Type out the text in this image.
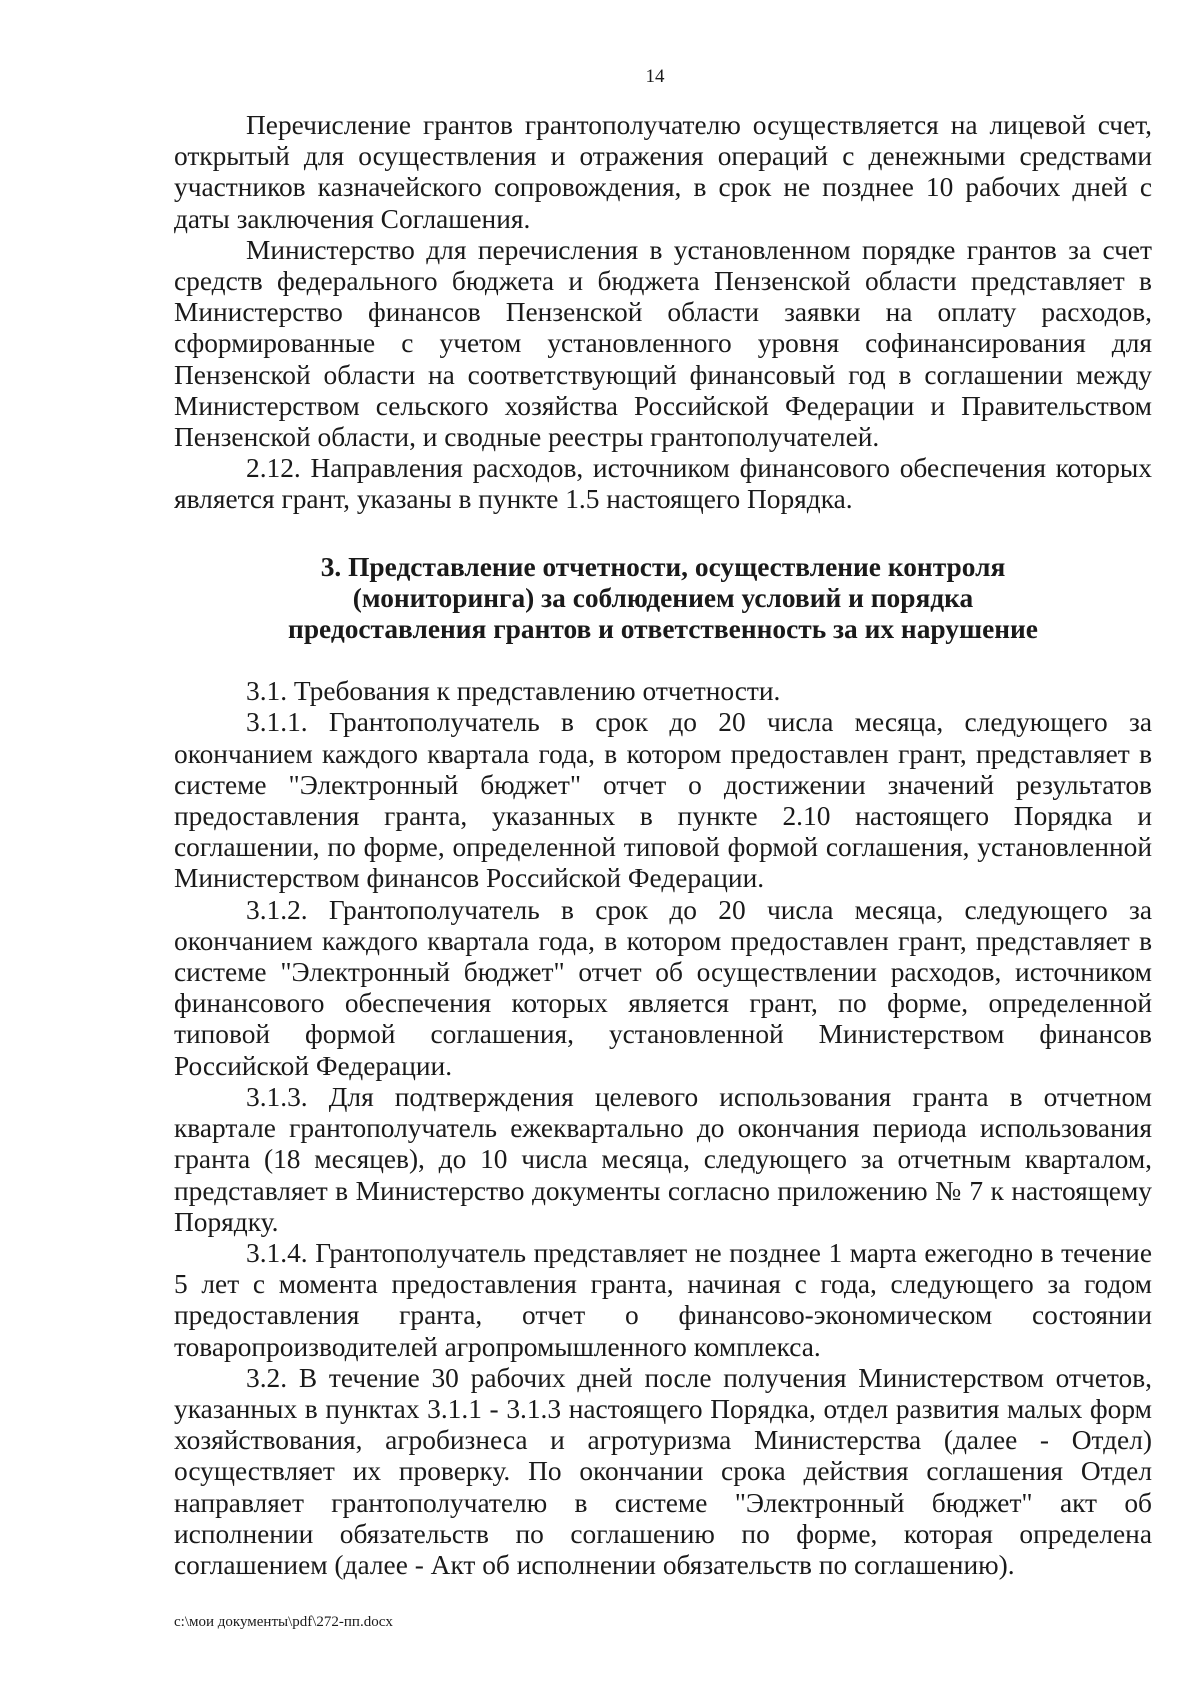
14

Перечисление грантов грантополучателю осуществляется на лицевой счет, открытый для осуществления и отражения операций с денежными средствами участников казначейского сопровождения, в срок не позднее 10 рабочих дней с даты заключения Соглашения.

Министерство для перечисления в установленном порядке грантов за счет средств федерального бюджета и бюджета Пензенской области представляет в Министерство финансов Пензенской области заявки на оплату расходов, сформированные с учетом установленного уровня софинансирования для Пензенской области на соответствующий финансовый год в соглашении между Министерством сельского хозяйства Российской Федерации и Правительством Пензенской области, и сводные реестры грантополучателей.

2.12. Направления расходов, источником финансового обеспечения которых является грант, указаны в пункте 1.5 настоящего Порядка.

3. Представление отчетности, осуществление контроля
(мониторинга) за соблюдением условий и порядка
предоставления грантов и ответственность за их нарушение

3.1. Требования к представлению отчетности.

3.1.1. Грантополучатель в срок до 20 числа месяца, следующего за окончанием каждого квартала года, в котором предоставлен грант, представляет в системе "Электронный бюджет" отчет о достижении значений результатов предоставления гранта, указанных в пункте 2.10 настоящего Порядка и соглашении, по форме, определенной типовой формой соглашения, установленной Министерством финансов Российской Федерации.

3.1.2. Грантополучатель в срок до 20 числа месяца, следующего за окончанием каждого квартала года, в котором предоставлен грант, представляет в системе "Электронный бюджет" отчет об осуществлении расходов, источником финансового обеспечения которых является грант, по форме, определенной типовой формой соглашения, установленной Министерством финансов Российской Федерации.

3.1.3. Для подтверждения целевого использования гранта в отчетном квартале грантополучатель ежеквартально до окончания периода использования гранта (18 месяцев), до 10 числа месяца, следующего за отчетным кварталом, представляет в Министерство документы согласно приложению № 7 к настоящему Порядку.

3.1.4. Грантополучатель представляет не позднее 1 марта ежегодно в течение 5 лет с момента предоставления гранта, начиная с года, следующего за годом предоставления гранта, отчет о финансово-экономическом состоянии товаропроизводителей агропромышленного комплекса.

3.2. В течение 30 рабочих дней после получения Министерством отчетов, указанных в пунктах 3.1.1 - 3.1.3 настоящего Порядка, отдел развития малых форм хозяйствования, агробизнеса и агротуризма Министерства (далее - Отдел) осуществляет их проверку. По окончании срока действия соглашения Отдел направляет грантополучателю в системе "Электронный бюджет" акт об исполнении обязательств по соглашению по форме, которая определена соглашением (далее - Акт об исполнении обязательств по соглашению).

c:\мои документы\pdf\272-пп.docx
